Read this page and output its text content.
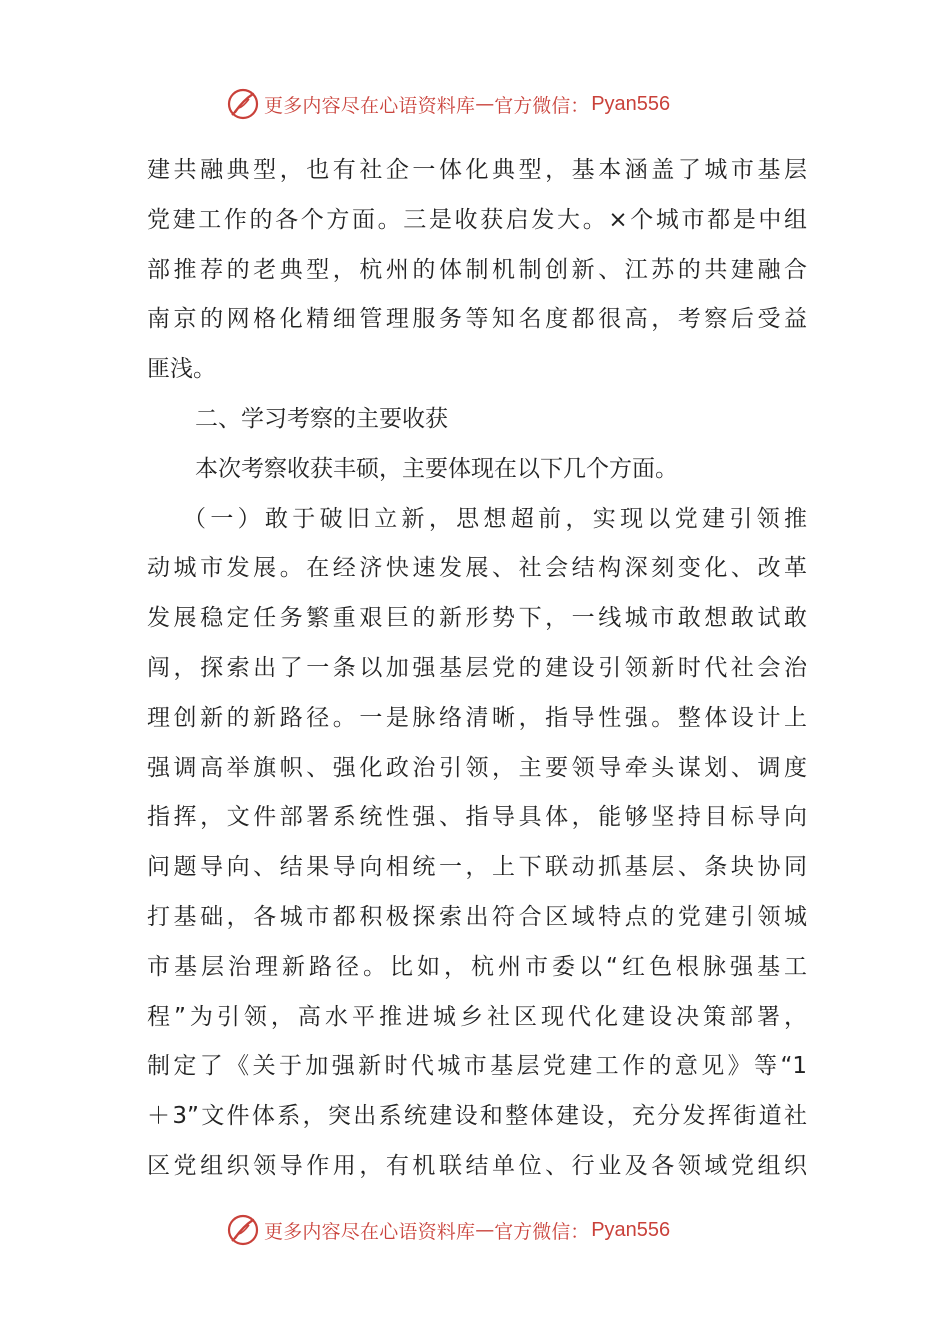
更多内容尽在心语资料库 — 官方微信： Pyan556
建共融典型，也有社企一体化典型，基本涵盖了城市基层
党建工作的各个方面。三是收获启发大。×个城市都是中组
部推荐的老典型，杭州的体制机制创新、江苏的共建融合
南京的网格化精细管理服务等知名度都很高，考察后受益
匪浅。
二、学习考察的主要收获
本次考察收获丰硕，主要体现在以下几个方面。
（一）敢于破旧立新，思想超前，实现以党建引领推
动城市发展。在经济快速发展、社会结构深刻变化、改革
发展稳定任务繁重艰巨的新形势下，一线城市敢想敢试敢
闯，探索出了一条以加强基层党的建设引领新时代社会治
理创新的新路径。一是脉络清晰，指导性强。整体设计上
强调高举旗帜、强化政治引领，主要领导牵头谋划、调度
指挥，文件部署系统性强、指导具体，能够坚持目标导向
问题导向、结果导向相统一，上下联动抓基层、条块协同
打基础，各城市都积极探索出符合区域特点的党建引领城
市基层治理新路径。比如，杭州市委以“红色根脉强基工
程”为引领，高水平推进城乡社区现代化建设决策部署，
制定了《关于加强新时代城市基层党建工作的意见》等“1
＋3”文件体系，突出系统建设和整体建设，充分发挥街道社
区党组织领导作用，有机联结单位、行业及各领域党组织
更多内容尽在心语资料库 — 官方微信： Pyan556
